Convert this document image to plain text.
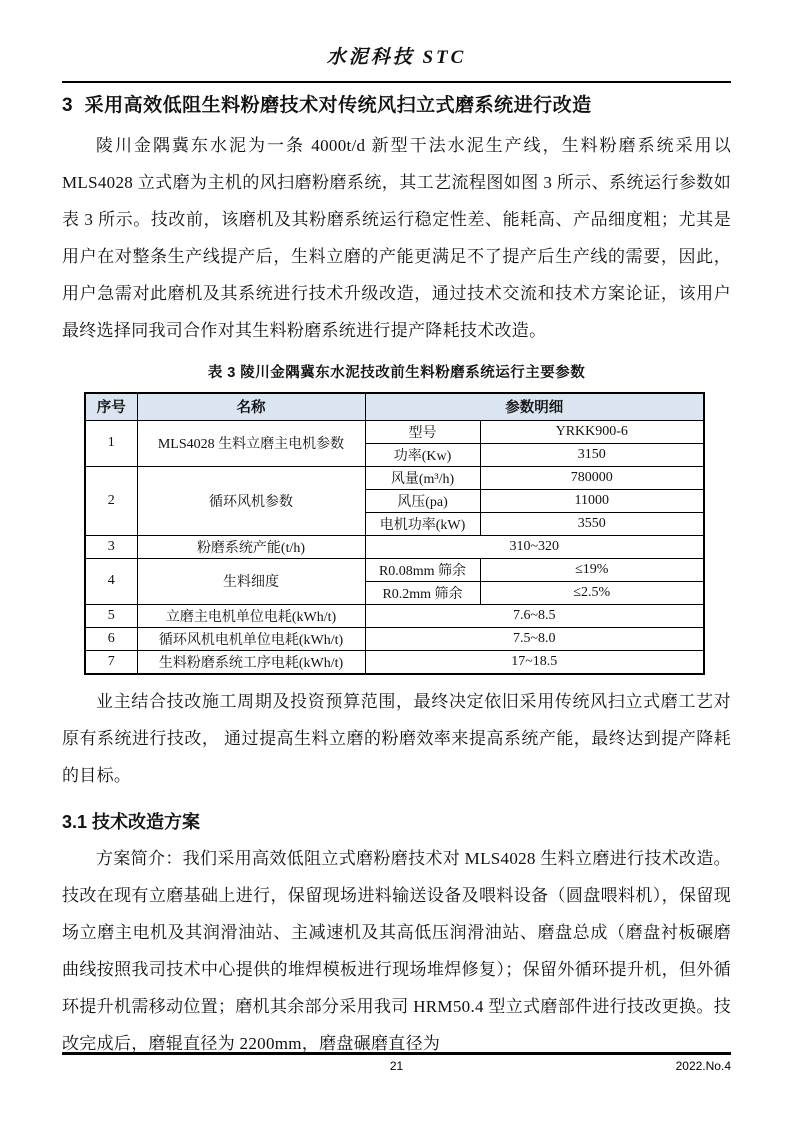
水泥科技 STC
3  采用高效低阻生料粉磨技术对传统风扫立式磨系统进行改造

陵川金隅冀东水泥为一条 4000t/d 新型干法水泥生产线，生料粉磨系统采用以 MLS4028 立式磨为主机的风扫磨粉磨系统，其工艺流程图如图 3 所示、系统运行参数如表 3 所示。技改前，该磨机及其粉磨系统运行稳定性差、能耗高、产品细度粗；尤其是用户在对整条生产线提产后，生料立磨的产能更满足不了提产后生产线的需要，因此，用户急需对此磨机及其系统进行技术升级改造，通过技术交流和技术方案论证，该用户最终选择同我司合作对其生料粉磨系统进行提产降耗技术改造。

表 3 陵川金隅冀东水泥技改前生料粉磨系统运行主要参数
序号	名称	参数明细	
1	MLS4028 生料立磨主电机参数	型号	YRKK900-6
		功率(Kw)	3150
2	循环风机参数	风量(m³/h)	780000
		风压(pa)	11000
		电机功率(kW)	3550
3	粉磨系统产能(t/h)	310~320	
4	生料细度	R0.08mm 筛余	≤19%
		R0.2mm 筛余	≤2.5%
5	立磨主电机单位电耗(kWh/t)	7.6~8.5	
6	循环风机电机单位电耗(kWh/t)	7.5~8.0	
7	生料粉磨系统工序电耗(kWh/t)	17~18.5	

业主结合技改施工周期及投资预算范围，最终决定依旧采用传统风扫立式磨工艺对原有系统进行技改， 通过提高生料立磨的粉磨效率来提高系统产能，最终达到提产降耗的目标。

3.1 技术改造方案

方案简介：我们采用高效低阻立式磨粉磨技术对 MLS4028 生料立磨进行技术改造。技改在现有立磨基础上进行，保留现场进料输送设备及喂料设备（圆盘喂料机），保留现场立磨主电机及其润滑油站、主减速机及其高低压润滑油站、磨盘总成（磨盘衬板碾磨曲线按照我司技术中心提供的堆焊模板进行现场堆焊修复）；保留外循环提升机，但外循环提升机需移动位置；磨机其余部分采用我司 HRM50.4 型立式磨部件进行技改更换。技改完成后，磨辊直径为 2200mm，磨盘碾磨直径为

21	2022.No.4
